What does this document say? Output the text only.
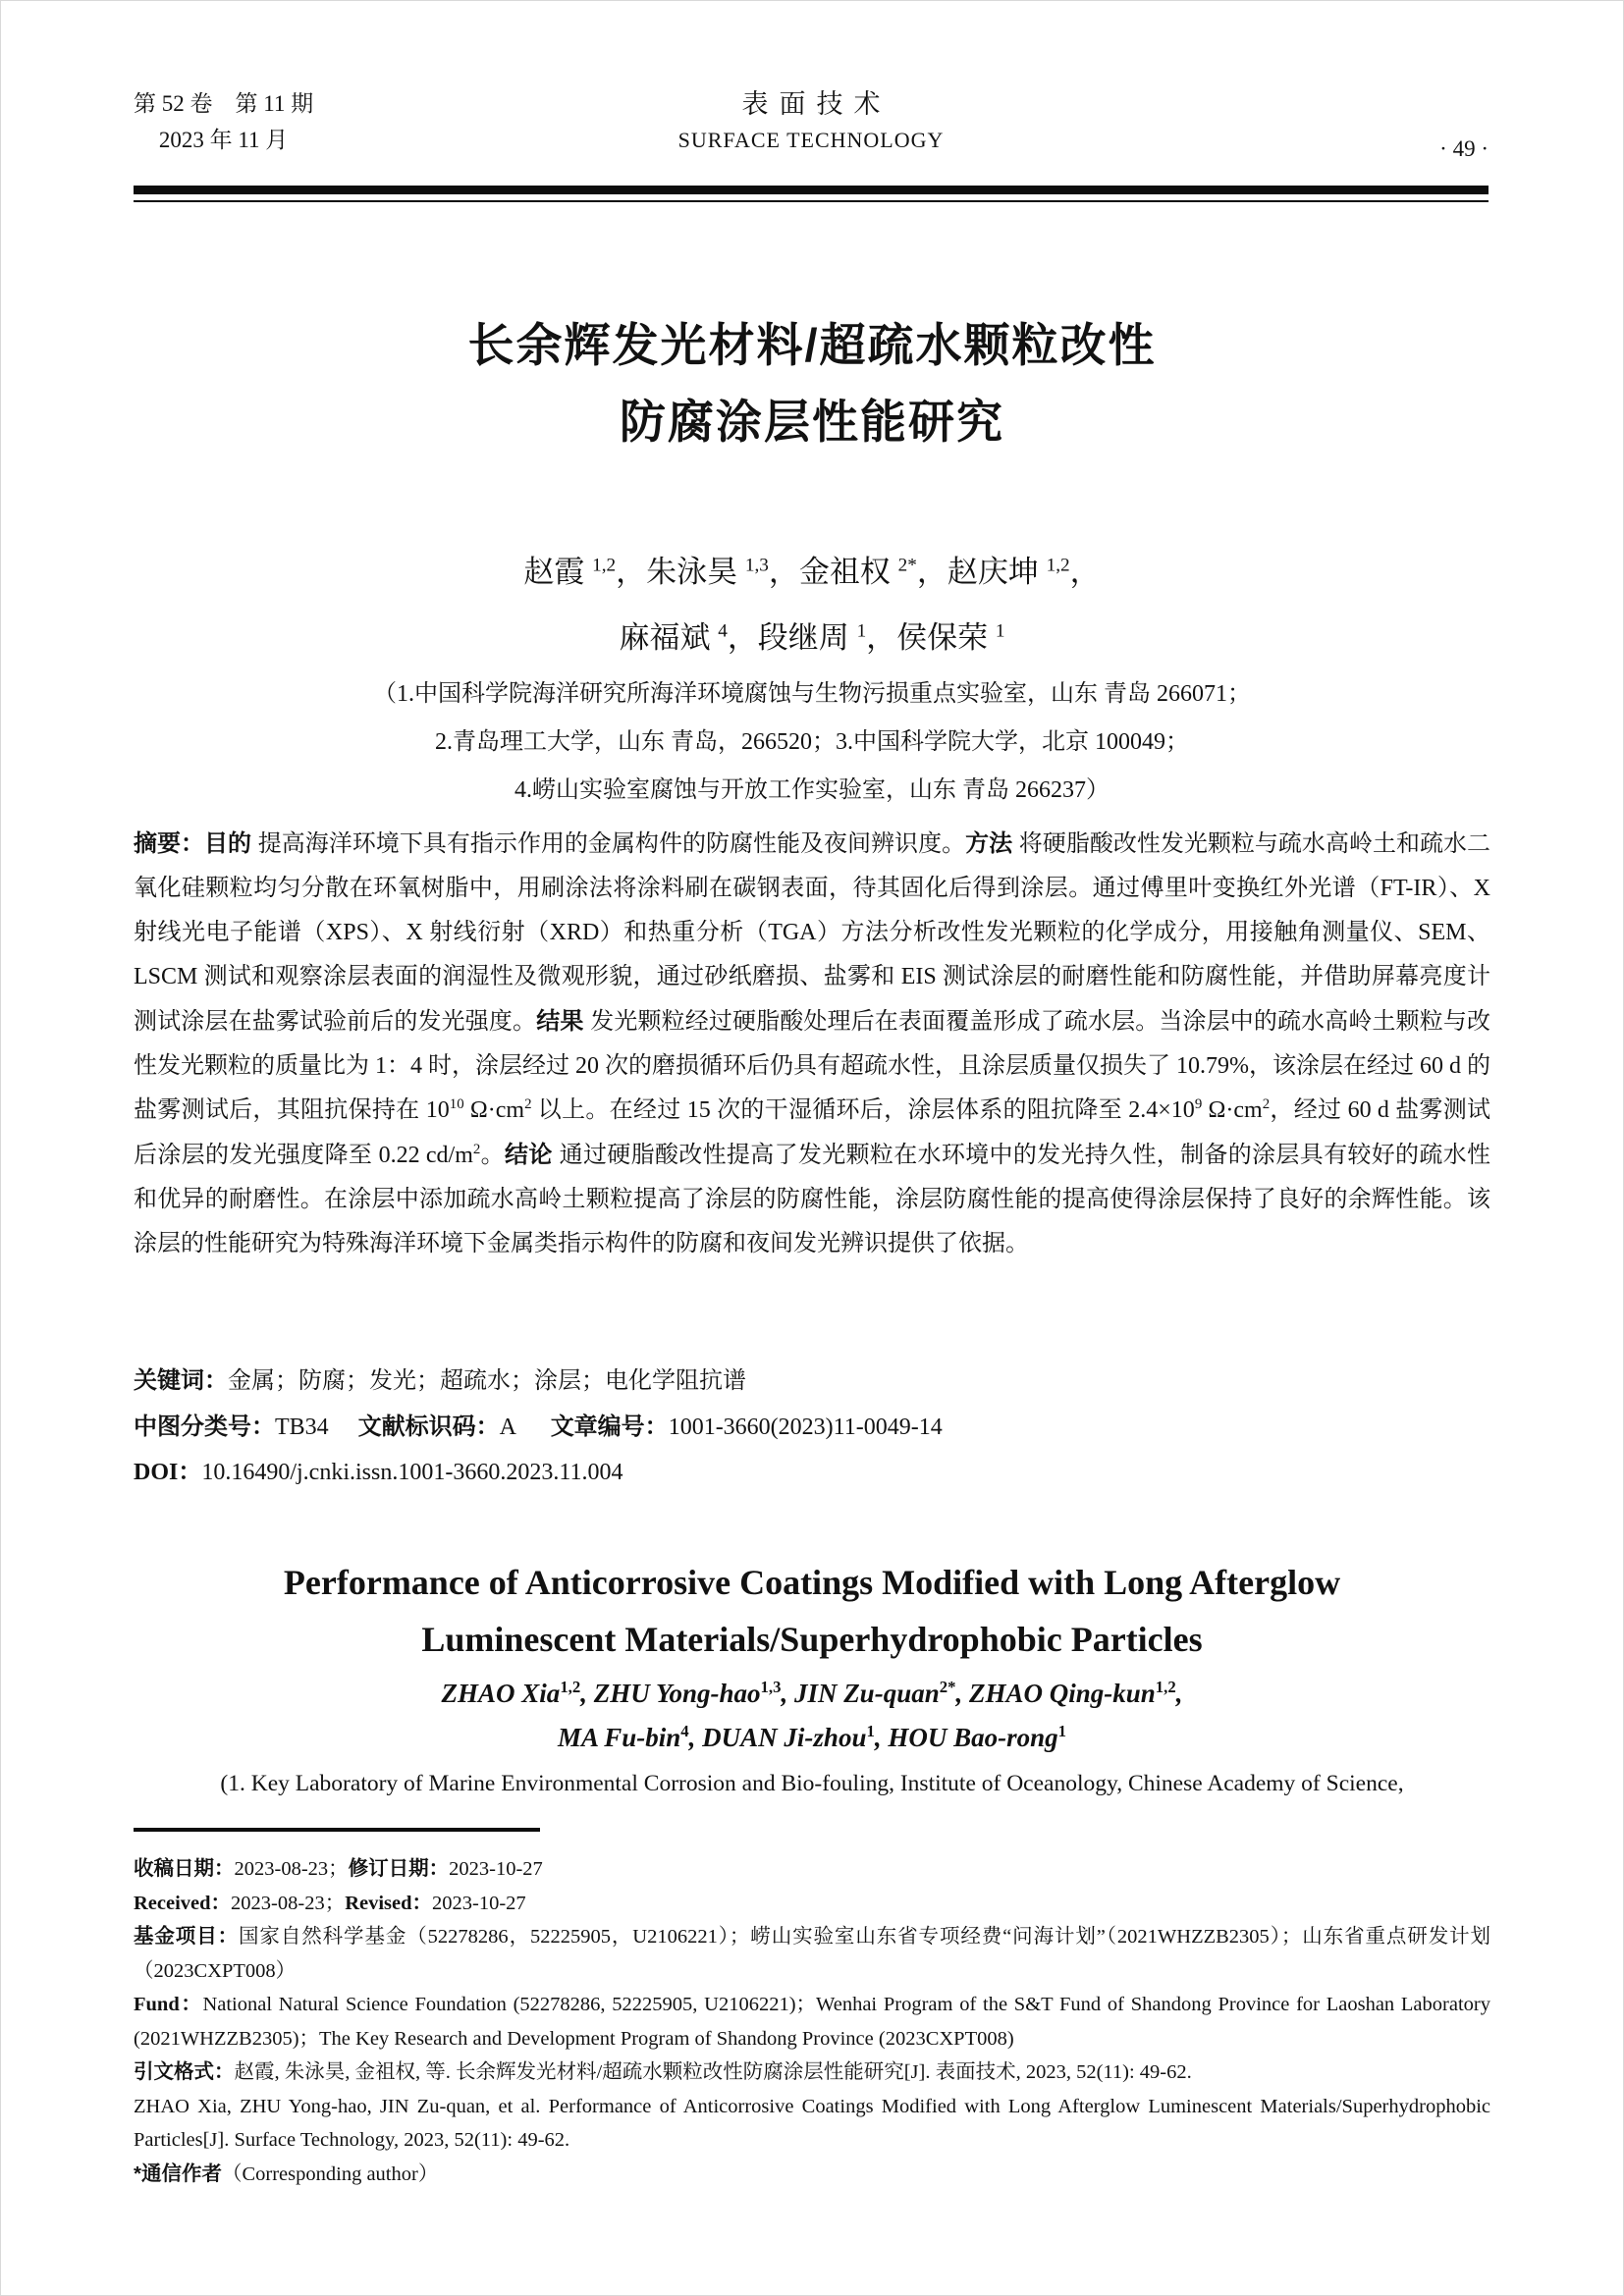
第 52 卷　第 11 期
2023 年 11 月
表面技术
SURFACE TECHNOLOGY	· 49 ·
长余辉发光材料/超疏水颗粒改性
防腐涂层性能研究
赵霞 $^{1,2}$，朱泳昊 $^{1,3}$，金祖权 $^{2*}$，赵庆坤 $^{1,2}$，
麻福斌 $^4$，段继周 $^1$，侯保荣 $^1$
（1.中国科学院海洋研究所海洋环境腐蚀与生物污损重点实验室，山东 青岛 266071；
2.青岛理工大学，山东 青岛，266520；3.中国科学院大学，北京 100049；
4.崂山实验室腐蚀与开放工作实验室，山东 青岛 266237）

摘要：目的 提高海洋环境下具有指示作用的金属构件的防腐性能及夜间辨识度。方法 将硬脂酸改性发光颗粒与疏水高岭土和疏水二氧化硅颗粒均匀分散在环氧树脂中，用刷涂法将涂料刷在碳钢表面，待其固化后得到涂层。通过傅里叶变换红外光谱（FT-IR）、X 射线光电子能谱（XPS）、X 射线衍射（XRD）和热重分析（TGA）方法分析改性发光颗粒的化学成分，用接触角测量仪、SEM、LSCM 测试和观察涂层表面的润湿性及微观形貌，通过砂纸磨损、盐雾和 EIS 测试涂层的耐磨性能和防腐性能，并借助屏幕亮度计测试涂层在盐雾试验前后的发光强度。结果 发光颗粒经过硬脂酸处理后在表面覆盖形成了疏水层。当涂层中的疏水高岭土颗粒与改性发光颗粒的质量比为 1：4 时，涂层经过 20 次的磨损循环后仍具有超疏水性，且涂层质量仅损失了 10.79%，该涂层在经过 60 d 的盐雾测试后，其阻抗保持在 $10^{10}$ $\Omega\cdot cm^2$ 以上。在经过 15 次的干湿循环后，涂层体系的阻抗降至 $2.4\times 10^9$ $\Omega\cdot cm^2$，经过 60 d 盐雾测试后涂层的发光强度降至 0.22 $cd/m^2$。结论 通过硬脂酸改性提高了发光颗粒在水环境中的发光持久性，制备的涂层具有较好的疏水性和优异的耐磨性。在涂层中添加疏水高岭土颗粒提高了涂层的防腐性能，涂层防腐性能的提高使得涂层保持了良好的余辉性能。该涂层的性能研究为特殊海洋环境下金属类指示构件的防腐和夜间发光辨识提供了依据。

关键词：金属；防腐；发光；超疏水；涂层；电化学阻抗谱

中图分类号：TB34 文献标识码：A 文章编号：1001-3660(2023)11-0049-14

DOI：10.16490/j.cnki.issn.1001-3660.2023.11.004

Performance of Anticorrosive Coatings Modified with Long Afterglow
Luminescent Materials/Superhydrophobic Particles
ZHAO Xia$^{1,2}$, ZHU Yong-hao$^{1,3}$, JIN Zu-quan$^{2*}$, ZHAO Qing-kun$^{1,2}$,
MA Fu-bin$^4$, DUAN Ji-zhou$^1$, HOU Bao-rong$^1$
(1. Key Laboratory of Marine Environmental Corrosion and Bio-fouling, Institute of Oceanology, Chinese Academy of Science,

收稿日期：2023-08-23；修订日期：2023-10-27

Received：2023-08-23；Revised：2023-10-27

基金项目：国家自然科学基金（52278286，52225905，U2106221）；崂山实验室山东省专项经费“问海计划”（2021WHZZB2305）；山东省重点研发计划（2023CXPT008）

Fund：National Natural Science Foundation (52278286, 52225905, U2106221)；Wenhai Program of the S&T Fund of Shandong Province for Laoshan Laboratory (2021WHZZB2305)；The Key Research and Development Program of Shandong Province (2023CXPT008)

引文格式：赵霞, 朱泳昊, 金祖权, 等. 长余辉发光材料/超疏水颗粒改性防腐涂层性能研究[J]. 表面技术, 2023, 52(11): 49-62.

ZHAO Xia, ZHU Yong-hao, JIN Zu-quan, et al. Performance of Anticorrosive Coatings Modified with Long Afterglow Luminescent Materials/Superhydrophobic Particles[J]. Surface Technology, 2023, 52(11): 49-62.

*通信作者（Corresponding author）
